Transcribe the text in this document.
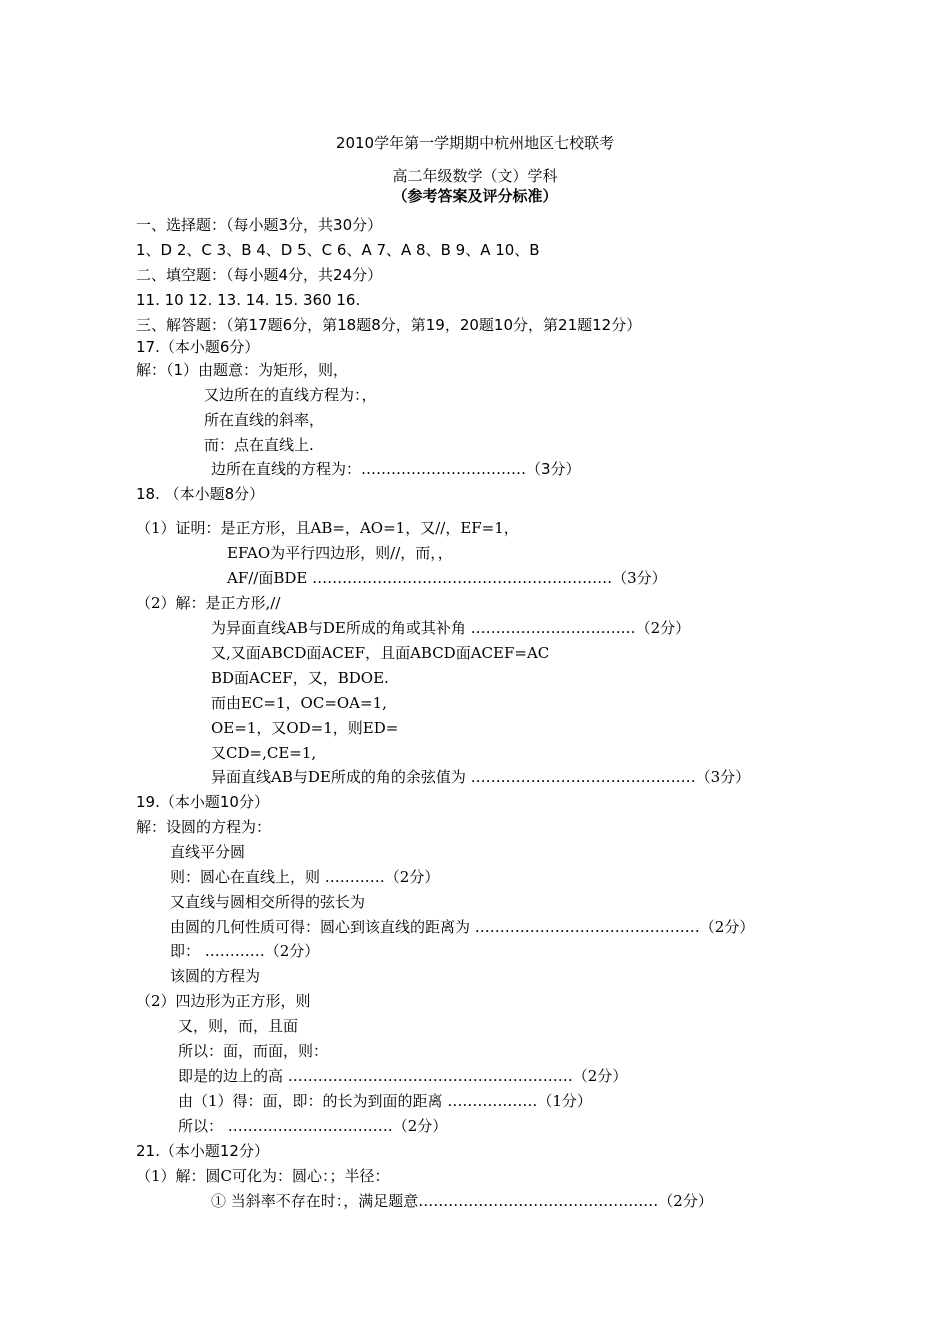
2010学年第一学期期中杭州地区七校联考
高二年级数学（文）学科
（参考答案及评分标准）
一、选择题：（每小题3分，共30分）
1、D 2、C 3、B 4、D 5、C 6、A 7、A 8、B 9、A 10、B
二、填空题：（每小题4分，共24分）
11. 10 12. 13. 14. 15. 360 16.
三、解答题：（第17题6分，第18题8分，第19，20题10分，第21题12分）
17.（本小题6分）
解：（1）由题意：为矩形，则，
又边所在的直线方程为：，
所在直线的斜率，
而：点在直线上.
边所在直线的方程为：……………………………（3分）
18. （本小题8分）
（1）证明：是正方形，且AB=，AO=1，又//，EF=1，
EFAO为平行四边形，则//，而，，
AF//面BDE ……………………………………………………（3分）
（2）解：是正方形,//
为异面直线AB与DE所成的角或其补角 ……………………………（2分）
又,又面ABCD面ACEF，且面ABCD面ACEF=AC
BD面ACEF，又，BDOE.
而由EC=1，OC=OA=1,
OE=1，又OD=1，则ED=
又CD=,CE=1,
异面直线AB与DE所成的角的余弦值为 ………………………………………（3分）
19.（本小题10分）
解：设圆的方程为：
直线平分圆
则：圆心在直线上，则 …………（2分）
又直线与圆相交所得的弦长为
由圆的几何性质可得：圆心到该直线的距离为 ………………………………………（2分）
即： …………（2分）
该圆的方程为
（2）四边形为正方形，则
又，则，而，且面
所以：面，而面，则：
即是的边上的高 …………………………………………………（2分）
由（1）得：面，即：的长为到面的距离 ………………（1分）
所以： ……………………………（2分）
21.（本小题12分）
（1）解：圆C可化为：圆心：；半径：
① 当斜率不存在时：，满足题意…………………………………………（2分）
